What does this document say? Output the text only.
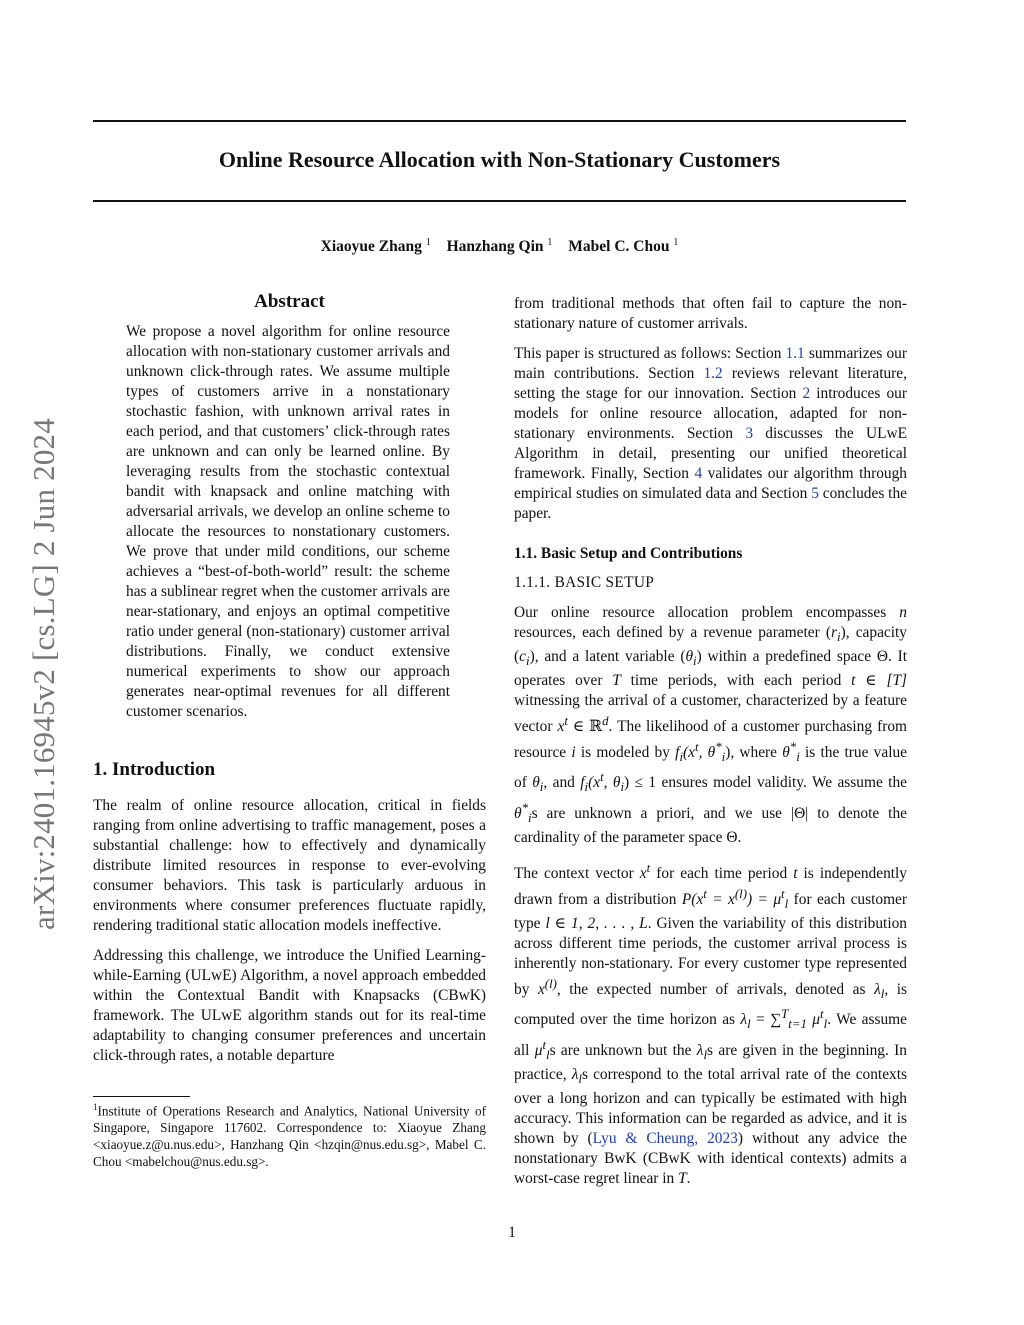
arXiv:2401.16945v2 [cs.LG] 2 Jun 2024
Online Resource Allocation with Non-Stationary Customers
Xiaoyue Zhang $^1$ Hanzhang Qin $^1$ Mabel C. Chou $^1$
Abstract
We propose a novel algorithm for online resource allocation with non-stationary customer arrivals and unknown click-through rates. We assume multiple types of customers arrive in a nonstationary stochastic fashion, with unknown arrival rates in each period, and that customers’ click-through rates are unknown and can only be learned online. By leveraging results from the stochastic contextual bandit with knapsack and online matching with adversarial arrivals, we develop an online scheme to allocate the resources to nonstationary customers. We prove that under mild conditions, our scheme achieves a “best-of-both-world” result: the scheme has a sublinear regret when the customer arrivals are near-stationary, and enjoys an optimal competitive ratio under general (non-stationary) customer arrival distributions. Finally, we conduct extensive numerical experiments to show our approach generates near-optimal revenues for all different customer scenarios.
1. Introduction

The realm of online resource allocation, critical in fields ranging from online advertising to traffic management, poses a substantial challenge: how to effectively and dynamically distribute limited resources in response to ever-evolving consumer behaviors. This task is particularly arduous in environments where consumer preferences fluctuate rapidly, rendering traditional static allocation models ineffective.

Addressing this challenge, we introduce the Unified Learning-while-Earning (ULwE) Algorithm, a novel approach embedded within the Contextual Bandit with Knapsacks (CBwK) framework. The ULwE algorithm stands out for its real-time adaptability to changing consumer preferences and uncertain click-through rates, a notable departure

from traditional methods that often fail to capture the non-stationary nature of customer arrivals.

This paper is structured as follows: Section 1.1 summarizes our main contributions. Section 1.2 reviews relevant literature, setting the stage for our innovation. Section 2 introduces our models for online resource allocation, adapted for non-stationary environments. Section 3 discusses the ULwE Algorithm in detail, presenting our unified theoretical framework. Finally, Section 4 validates our algorithm through empirical studies on simulated data and Section 5 concludes the paper.

1.1. Basic Setup and Contributions
1.1.1. BASIC SETUP

Our online resource allocation problem encompasses n resources, each defined by a revenue parameter $(r_i)$, capacity $(c_i)$, and a latent variable $(\theta_i)$ within a predefined space Θ. It operates over T time periods, with each period t ∈ [T] witnessing the arrival of a customer, characterized by a feature vector $x^t$ ∈ ℝ$^d$. The likelihood of a customer purchasing from resource i is modeled by $f_i(x^t$, $\theta^*_i$), where $\theta^*_i$ is the true value of $\theta_i$, and $f_i(x^t$, $\theta_i) \le 1$ ensures model validity. We assume the $\theta^*_is$ are unknown a priori, and we use |Θ| to denote the cardinality of the parameter space Θ.

The context vector $x^t$ for each time period t is independently drawn from a distribution $P(x^t = x^{(l)}) = \mu^t_l$ for each customer type l ∈ 1, 2, . . . , L. Given the variability of this distribution across different time periods, the customer arrival process is inherently non-stationary. For every customer type represented by $x^{(l)}$, the expected number of arrivals, denoted as $\lambda_l$, is computed over the time horizon as $\lambda_l = \sum^T_{t=1}$ $\mu^t_l$. We assume all $\mu^t_ls$ are unknown but the $\lambda_ls$ are given in the beginning. In practice, $\lambda_ls$ correspond to the total arrival rate of the contexts over a long horizon and can typically be estimated with high accuracy. This information can be regarded as advice, and it is shown by (Lyu & Cheung, 2023) without any advice the nonstationary BwK (CBwK with identical contexts) admits a worst-case regret linear in T.

$^1$Institute of Operations Research and Analytics, National University of Singapore, Singapore 117602. Correspondence to: Xiaoyue Zhang <xiaoyue.z@u.nus.edu>, Hanzhang Qin <hzqin@nus.edu.sg>, Mabel C. Chou <mabelchou@nus.edu.sg>.
1
